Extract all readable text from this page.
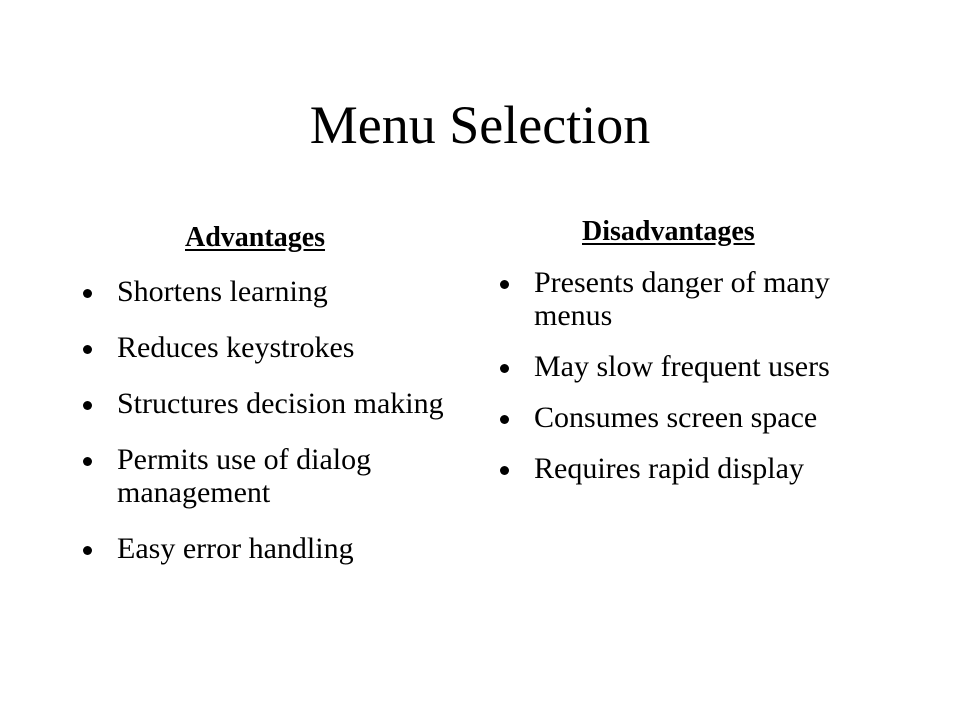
Menu Selection
Advantages
Shortens learning
Reduces keystrokes
Structures decision making
Permits use of dialog management
Easy error handling
Disadvantages
Presents danger of many menus
May slow frequent users
Consumes screen space
Requires rapid display
